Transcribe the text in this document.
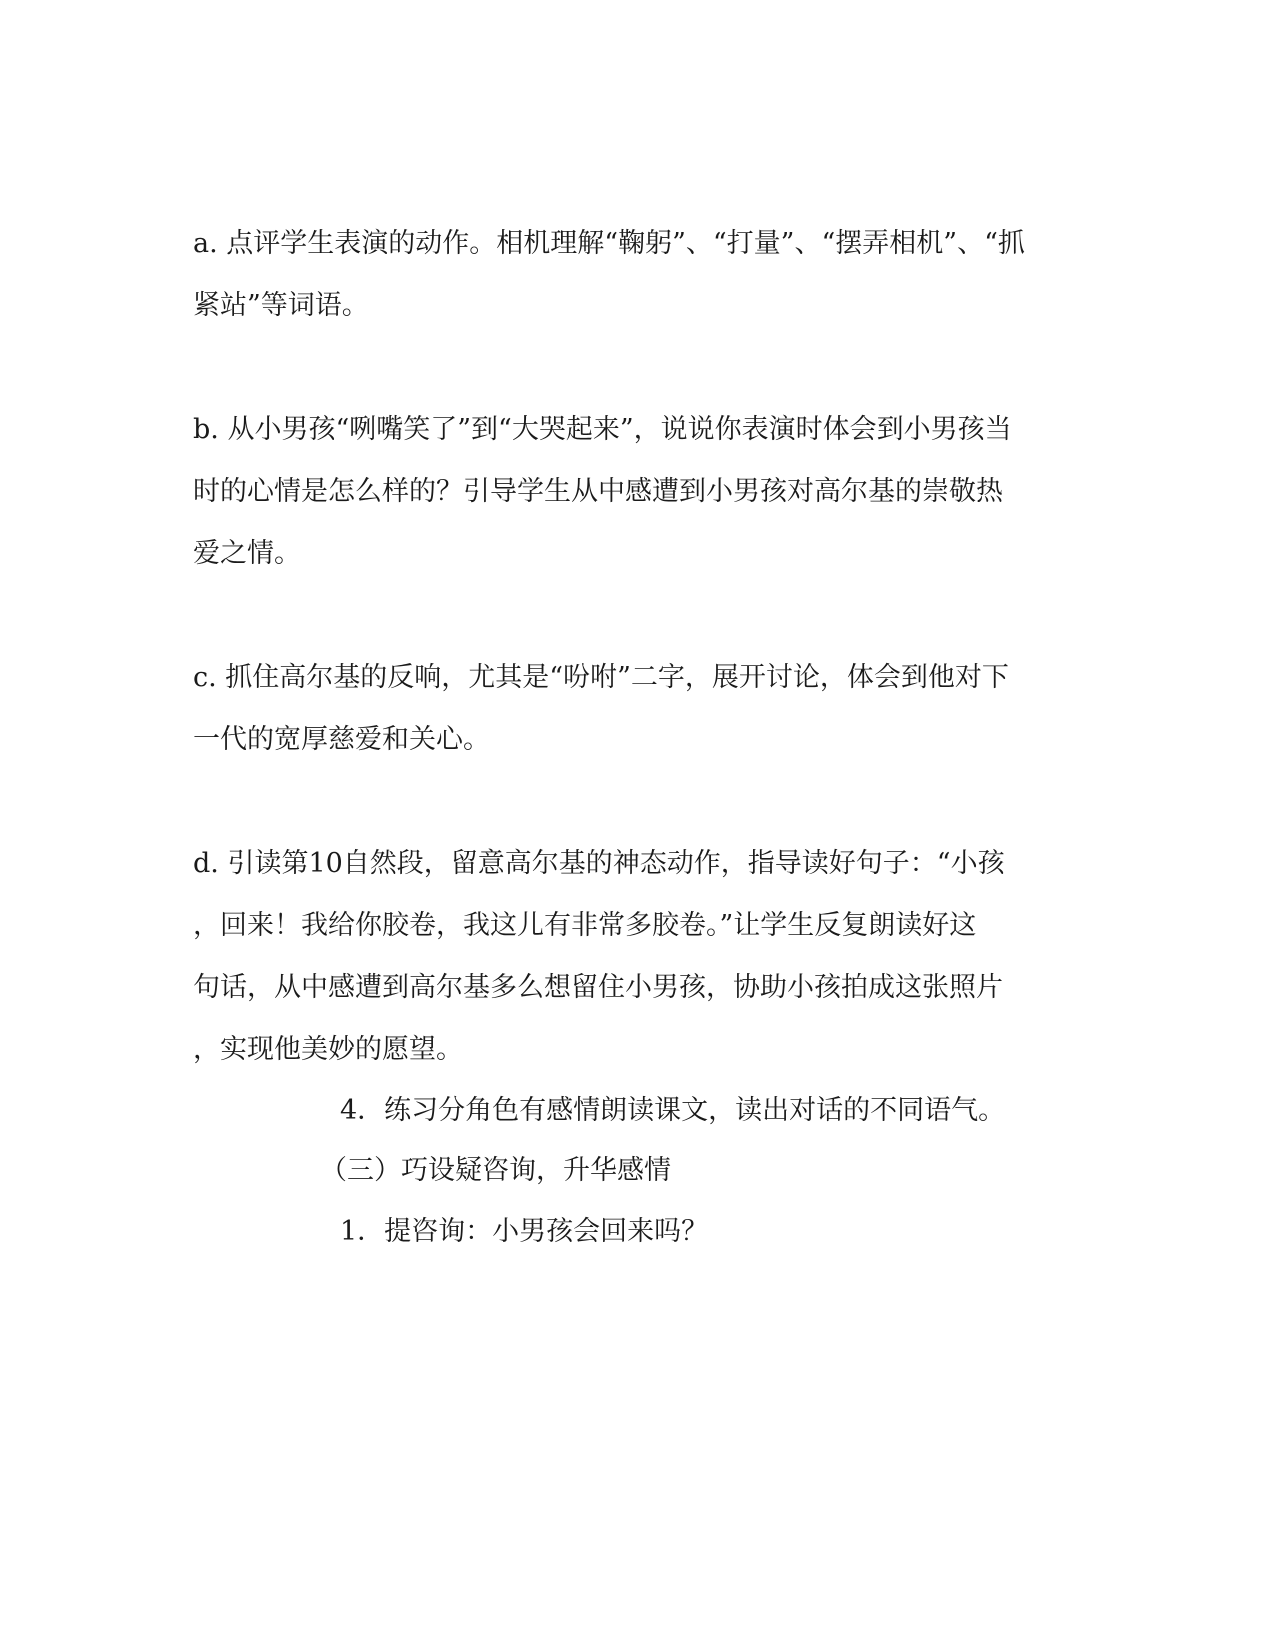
a. 点评学生表演的动作。相机理解“鞠躬”、“打量”、“摆弄相机”、“抓
紧站”等词语。
b. 从小男孩“咧嘴笑了”到“大哭起来”，说说你表演时体会到小男孩当
时的心情是怎么样的？引导学生从中感遭到小男孩对高尔基的崇敬热
爱之情。
c. 抓住高尔基的反响，尤其是“吩咐”二字，展开讨论，体会到他对下
一代的宽厚慈爱和关心。
d. 引读第10自然段，留意高尔基的神态动作，指导读好句子：“小孩
，回来！我给你胶卷，我这儿有非常多胶卷。”让学生反复朗读好这
句话，从中感遭到高尔基多么想留住小男孩，协助小孩拍成这张照片
，实现他美妙的愿望。
4．练习分角色有感情朗读课文，读出对话的不同语气。
（三）巧设疑咨询，升华感情
1．提咨询：小男孩会回来吗？
